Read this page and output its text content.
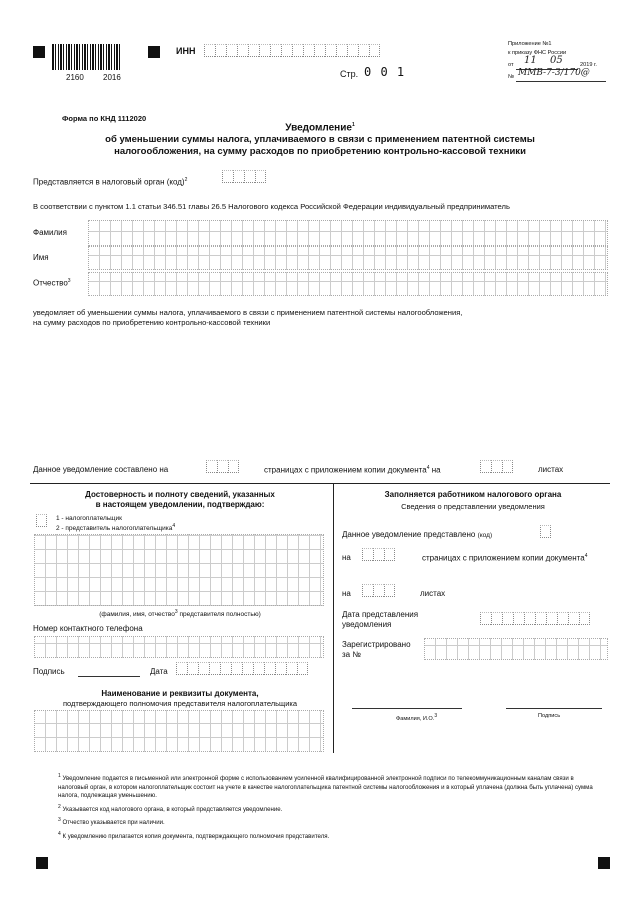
2160 2016
ИНН
Стр. 0 0 1
Приложение №1
к приказу ФНС России
от 11 05	2019 г.
№ ММВ-7-3/170@
Форма по КНД 1112020
Уведомление$^1$
об уменьшении суммы налога, уплачиваемого в связи с применением патентной системы
налогообложения, на сумму расходов по приобретению контрольно-кассовой техники
Представляется в налоговый орган (код)$^2$
В соответствии с пунктом 1.1 статьи 346.51 главы 26.5 Налогового кодекса Российской Федерации индивидуальный предприниматель
Фамилия
Имя
Отчество$^3$
уведомляет об уменьшении суммы налога, уплачиваемого в связи с применением патентной системы налогообложения,
на сумму расходов по приобретению контрольно-кассовой техники
Данное уведомление составлено на	страницах с приложением копии документа$^4$ на	листах
Достоверность и полноту сведений, указанных
в настоящем уведомлении, подтверждаю:
1 - налогоплательщик
2 - представитель налогоплательщика$^4$
(фамилия, имя, отчество$^3$ представителя полностью)
Номер контактного телефона
Подпись	Дата
Наименование и реквизиты документа,
подтверждающего полномочия представителя налогоплательщика
Заполняется работником налогового органа
Сведения о представлении уведомления
Данное уведомление представлено (код)
на	страницах с приложением копии документа$^4$
на	листах
Дата представления
уведомления
Зарегистрировано
за №
Фамилия, И.О.$^3$	Подпись
$^1$ Уведомление подается в письменной или электронной форме с использованием усиленной квалифицированной электронной подписи по телекоммуникационным каналам связи в налоговый орган, в котором налогоплательщик состоит на учете в качестве налогоплательщика патентной системы налогообложения и в который уплачена (должна быть уплачена) сумма налога, подлежащая уменьшению.
$^2$ Указывается код налогового органа, в который представляется уведомление.
$^3$ Отчество указывается при наличии.
$^4$ К уведомлению прилагается копия документа, подтверждающего полномочия представителя.
